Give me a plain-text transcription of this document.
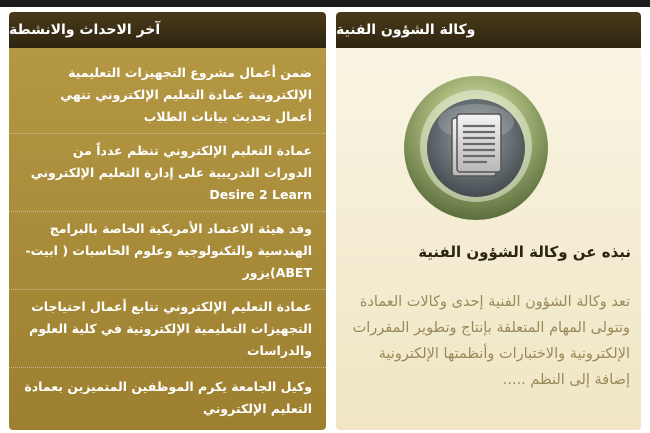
آخر الاحداث والانشطة
ضمن أعمال مشروع التجهيزات التعليمية الإلكترونية عمادة التعليم الإلكتروني تنهي أعمال تحديث بيانات الطلاب
عمادة التعليم الإلكتروني تنظم عدداً من الدورات التدريبية على إدارة التعليم الإلكتروني Desire 2 Learn
وفد هيئة الاعتماد الأمريكية الخاصة بالبرامج الهندسية والتكنولوجية وعلوم الحاسبات ( ابيت-ABET)يزور
عمادة التعليم الإلكتروني تتابع أعمال احتياجات التجهيزات التعليمية الإلكترونية في كلية العلوم والدراسات
وكيل الجامعة يكرم الموظفين المتميزين بعمادة التعليم الإلكتروني
وكالة الشؤون الفنية
نبذه عن وكالة الشؤون الفنية
تعد وكالة الشؤون الفنية إحدى وكالات العمادة وتتولى المهام المتعلقة بإنتاج وتطوير المقررات الإلكترونية والاختبارات وأنظمتها الإلكترونية إضافة إلى النظم .....
